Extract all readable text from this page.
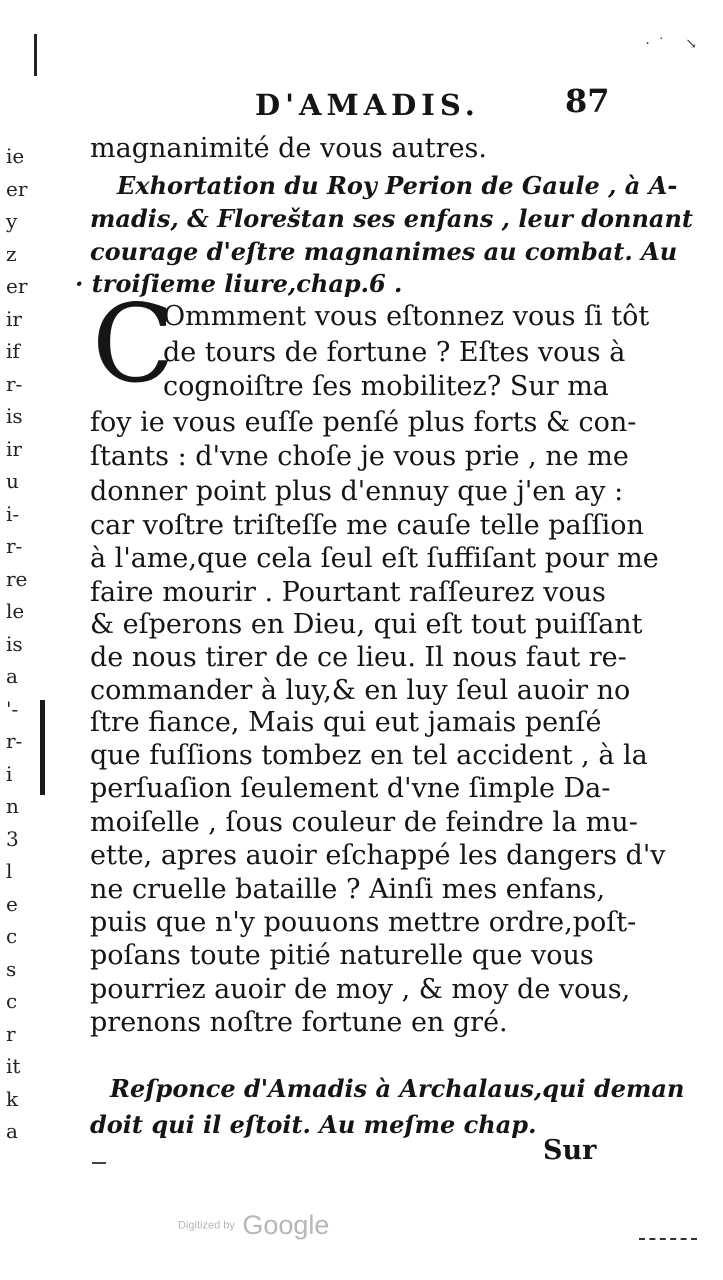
·˙ ↘
ie
er
y
z
er
ir
if
r-
is
ir
u
i-
r-
re
le
is
a
'-
r-
i
n
3
l
e
c
s
c
r
it
k
a
D'AMADIS.	87
magnanimité de vous autres.
Exhortation du Roy Perion de Gaule , à A-
madis, & Floreštan ses enfans , leur donnant
courage d'eſtre magnanimes au combat. Au
· troiſieme liure,chap.6 .
C
Ommment vous eſtonnez vous ſi tôt
de tours de fortune ? Eſtes vous à
cognoiſtre ſes mobilitez? Sur ma
foy ie vous euſſe penſé plus forts & con-
ſtants : d'vne choſe je vous prie , ne me
donner point plus d'ennuy que j'en ay :
car voſtre triſteſſe me cauſe telle paſſion
à l'ame,que cela ſeul eſt ſuffiſant pour me
faire mourir . Pourtant raſſeurez vous
& eſperons en Dieu, qui eſt tout puiſſant
de nous tirer de ce lieu. Il nous faut re-
commander à luy,& en luy ſeul auoir no
ſtre fiance, Mais qui eut jamais penſé
que fuſſions tombez en tel accident , à la
perſuaſion ſeulement d'vne ſimple Da-
moiſelle , ſous couleur de feindre la mu-
ette, apres auoir eſchappé les dangers d'v
ne cruelle bataille ? Ainſi mes enfans,
puis que n'y pouuons mettre ordre,poſt-
poſans toute pitié naturelle que vous
pourriez auoir de moy , & moy de vous,
prenons noſtre fortune en gré.
Reſponce d'Amadis à Archalaus,qui deman
doit qui il eſtoit. Au meſme chap.
Sur
Digitized by Google
